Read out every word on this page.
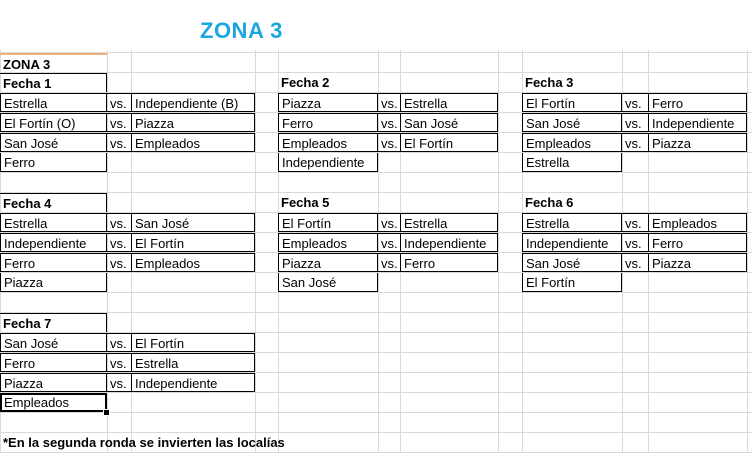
ZONA 3
ZONA 3
Fecha 1
Estrella	vs. Independiente (B)
El Fortín (O)	vs. Piazza
San José	vs. Empleados
Ferro
Fecha 2
Piazza	vs. Estrella
Ferro	vs. San José
Empleados	vs. El Fortín
Independiente
Fecha 3
El Fortín	vs. Ferro
San José	vs. Independiente
Empleados	vs. Piazza
Estrella
Fecha 4
Estrella	vs. San José
Independiente	vs. El Fortín
Ferro	vs. Empleados
Piazza
Fecha 5
El Fortín	vs. Estrella
Empleados	vs. Independiente
Piazza	vs. Ferro
San José
Fecha 6
Estrella	vs. Empleados
Independiente	vs. Ferro
San José	vs. Piazza
El Fortín
Fecha 7
San José	vs. El Fortín
Ferro	vs. Estrella
Piazza	vs. Independiente
Empleados
*En la segunda ronda se invierten las localías
